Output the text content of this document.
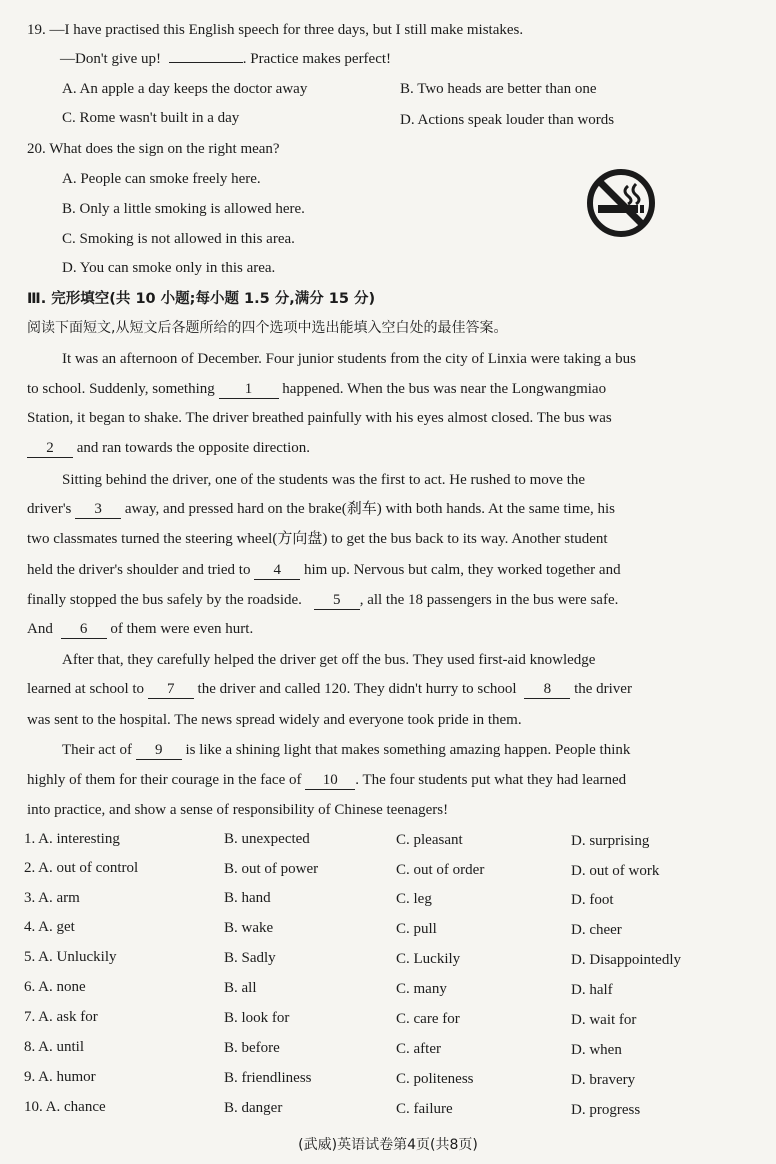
19. —I have practised this English speech for three days, but I still make mistakes.
—Don't give up!	. Practice makes perfect!
A. An apple a day keeps the doctor away	B. Two heads are better than one
C. Rome wasn't built in a day	D. Actions speak louder than words
20. What does the sign on the right mean?
A. People can smoke freely here.
B. Only a little smoking is allowed here.
C. Smoking is not allowed in this area.
D. You can smoke only in this area.
Ⅲ. 完形填空(共 10 小题;每小题 1.5 分,满分 15 分)
阅读下面短文,从短文后各题所给的四个选项中选出能填入空白处的最佳答案。
It was an afternoon of December. Four junior students from the city of Linxia were taking a bus
to school. Suddenly, something 1 happened. When the bus was near the Longwangmiao
Station, it began to shake. The driver breathed painfully with his eyes almost closed. The bus was
2 and ran towards the opposite direction.
Sitting behind the driver, one of the students was the first to act. He rushed to move the
driver's 3 away, and pressed hard on the brake(刹车) with both hands. At the same time, his
two classmates turned the steering wheel(方向盘) to get the bus back to its way. Another student
held the driver's shoulder and tried to 4 him up. Nervous but calm, they worked together and
finally stopped the bus safely by the roadside. 5 , all the 18 passengers in the bus were safe.
And 6 of them were even hurt.
After that, they carefully helped the driver get off the bus. They used first-aid knowledge
learned at school to 7 the driver and called 120. They didn't hurry to school 8 the driver
was sent to the hospital. The news spread widely and everyone took pride in them.
Their act of 9 is like a shining light that makes something amazing happen. People think
highly of them for their courage in the face of 10 . The four students put what they had learned
into practice, and show a sense of responsibility of Chinese teenagers!
1. A. interesting	B. unexpected	C. pleasant	D. surprising
2. A. out of control	B. out of power	C. out of order	D. out of work
3. A. arm	B. hand	C. leg	D. foot
4. A. get	B. wake	C. pull	D. cheer
5. A. Unluckily	B. Sadly	C. Luckily	D. Disappointedly
6. A. none	B. all	C. many	D. half
7. A. ask for	B. look for	C. care for	D. wait for
8. A. until	B. before	C. after	D. when
9. A. humor	B. friendliness	C. politeness	D. bravery
10. A. chance	B. danger	C. failure	D. progress
(武威)英语试卷第4页(共8页)
